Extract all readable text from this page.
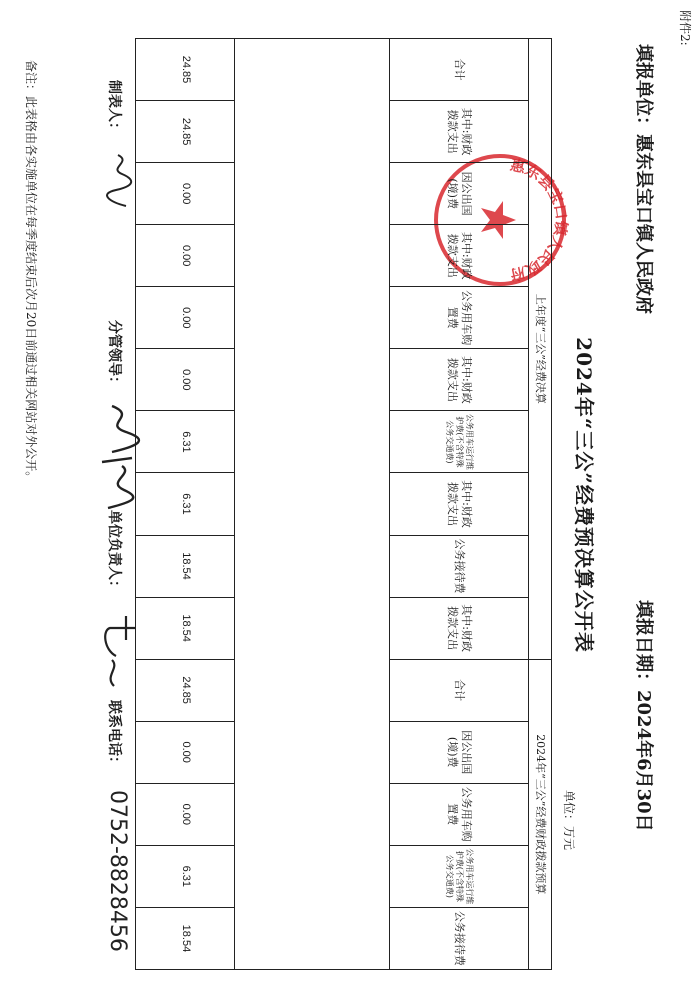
附件2:
填报单位：惠东县宝口镇人民政府
填报日期：2024年6月30日
2024年“三公”经费预决算公开表
单位：万元
惠东县宝口镇人民政府
上年度“三公”经费决算										2024年“三公”经费财政拨款预算				
合计	其中:财政拨款支出	因公出国(境)费	其中:财政拨款支出	公务用车购置费	其中:财政拨款支出	公务用车运行维护费(不含特殊公务交通费)	其中:财政拨款支出	公务接待费	其中:财政拨款支出	合计	因公出国(境)费	公务用车购置费	公务用车运行维护费(不含特殊公务交通费)	公务接待费

24.85	24.85	0.00	0.00	0.00	0.00	6.31	6.31	18.54	18.54	24.85	0.00	0.00	6.31	18.54
制表人：
分管领导：
单位负责人：
联系电话：
0752-8828456
备注：此表格由各实施单位在每季度结束后次月20日前通过相关网站对外公开。
